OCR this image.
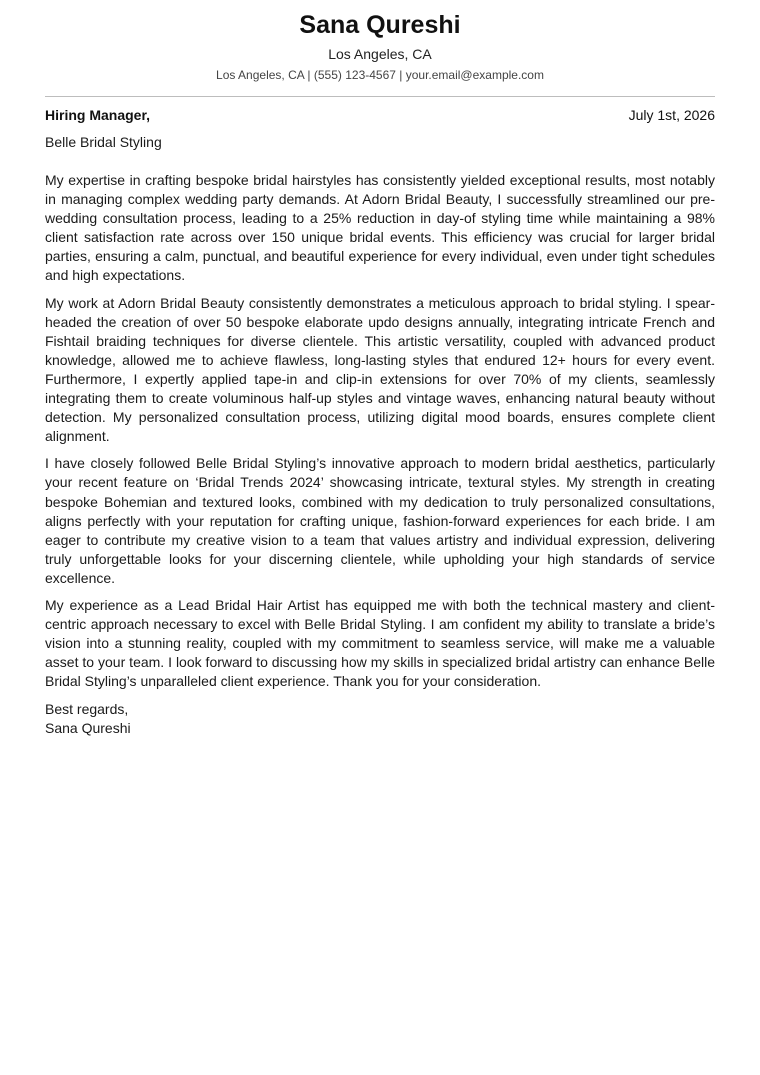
Sana Qureshi
Los Angeles, CA
Los Angeles, CA | (555) 123-4567 | your.email@example.com
Hiring Manager,	July 1st, 2026
Belle Bridal Styling

My expertise in crafting bespoke bridal hairstyles has consistently yielded exceptional results, most notably in managing complex wedding party demands. At Adorn Bridal Beauty, I successfully streamlined our pre-wedding consultation process, leading to a 25% reduction in day-of styling time while maintaining a 98% client satisfaction rate across over 150 unique bridal events. This efficiency was crucial for larger bridal parties, ensuring a calm, punctual, and beautiful experience for every individual, even under tight schedules and high expectations.

My work at Adorn Bridal Beauty consistently demonstrates a meticulous approach to bridal styling. I spear-headed the creation of over 50 bespoke elaborate updo designs annually, integrating intricate French and Fishtail braiding techniques for diverse clientele. This artistic versatility, coupled with advanced product knowledge, allowed me to achieve flawless, long-lasting styles that endured 12+ hours for every event. Furthermore, I expertly applied tape-in and clip-in extensions for over 70% of my clients, seamlessly integrating them to create voluminous half-up styles and vintage waves, enhancing natural beauty without detection. My personalized consultation process, utilizing digital mood boards, ensures complete client alignment.

I have closely followed Belle Bridal Styling’s innovative approach to modern bridal aesthetics, particularly your recent feature on ‘Bridal Trends 2024’ showcasing intricate, textural styles. My strength in creating bespoke Bohemian and textured looks, combined with my dedication to truly personalized consultations, aligns perfectly with your reputation for crafting unique, fashion-forward experiences for each bride. I am eager to contribute my creative vision to a team that values artistry and individual expression, delivering truly unforgettable looks for your discerning clientele, while upholding your high standards of service excellence.

My experience as a Lead Bridal Hair Artist has equipped me with both the technical mastery and client-centric approach necessary to excel with Belle Bridal Styling. I am confident my ability to translate a bride’s vision into a stunning reality, coupled with my commitment to seamless service, will make me a valuable asset to your team. I look forward to discussing how my skills in specialized bridal artistry can enhance Belle Bridal Styling’s unparalleled client experience. Thank you for your consideration.

Best regards,
Sana Qureshi
